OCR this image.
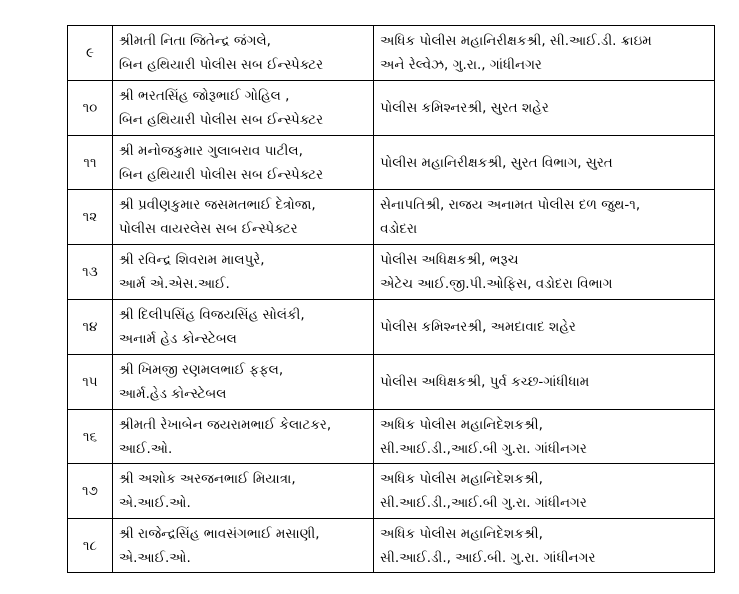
૯	શ્રીમતી નિતા જિતેન્દ્ર જંગલે,
બિન હથિયારી પોલીસ સબ ઈન્સ્પેક્ટર	અધિક પોલીસ મહાનિરીક્ષકશ્રી, સી.આઈ.ડી. ક્રાઇમ
અને રેલ્વેઝ, ગુ.રા., ગાંધીનગર

૧૦	શ્રી ભરતસિંહ જોરૂભાઈ ગોહિલ ,
બિન હથિયારી પોલીસ સબ ઈન્સ્પેક્ટર	પોલીસ કમિશ્નરશ્રી, સુરત શહેર

૧૧	શ્રી મનોજકુમાર ગુલાબરાવ પાટીલ,
બિન હથિયારી પોલીસ સબ ઈન્સ્પેક્ટર	પોલીસ મહાનિરીક્ષકશ્રી, સુરત વિભાગ, સુરત

૧૨	શ્રી પ્રવીણકુમાર જસમતભાઈ દેત્રોજા,
પોલીસ વાયરલેસ સબ ઈન્સ્પેક્ટર	સેનાપતિશ્રી, રાજય અનામત પોલીસ દળ જુથ-૧,
વડોદરા

૧૩	શ્રી રવિન્દ્ર શિવરામ માલપુરે,
આર્મ એ.એસ.આઈ.	પોલીસ અધિક્ષકશ્રી, ભરૂચ
એટેચ આઈ.જી.પી.ઓફિસ, વડોદરા વિભાગ

૧૪	શ્રી દિલીપસિંહ વિજયસિંહ સોલંકી,
અનાર્મ હેડ કોન્સ્ટેબલ	પોલીસ કમિશ્નરશ્રી, અમદાવાદ શહેર

૧૫	શ્રી ખિમજી રણમલભાઈ ફફલ,
આર્મ.હેડ કોન્સ્ટેબલ	પોલીસ અધિક્ષકશ્રી, પુર્વ કચ્છ-ગાંધીધામ

૧૬	શ્રીમતી રેખાબેન જયરામભાઈ કેલાટકર,
આઈ.ઓ.	અધિક પોલીસ મહાનિદેશકશ્રી,
સી.આઈ.ડી.,આઈ.બી ગુ.રા. ગાંધીનગર

૧૭	શ્રી અશોક અરજનભાઈ મિયાત્રા,
એ.આઈ.ઓ.	અધિક પોલીસ મહાનિદેશકશ્રી,
સી.આઈ.ડી.,આઈ.બી ગુ.રા. ગાંધીનગર

૧૮	શ્રી રાજેન્દ્રસિંહ ભાવસંગભાઈ મસાણી,
એ.આઈ.ઓ.	અધિક પોલીસ મહાનિદેશકશ્રી,
સી.આઈ.ડી., આઈ.બી. ગુ.રા. ગાંધીનગર
